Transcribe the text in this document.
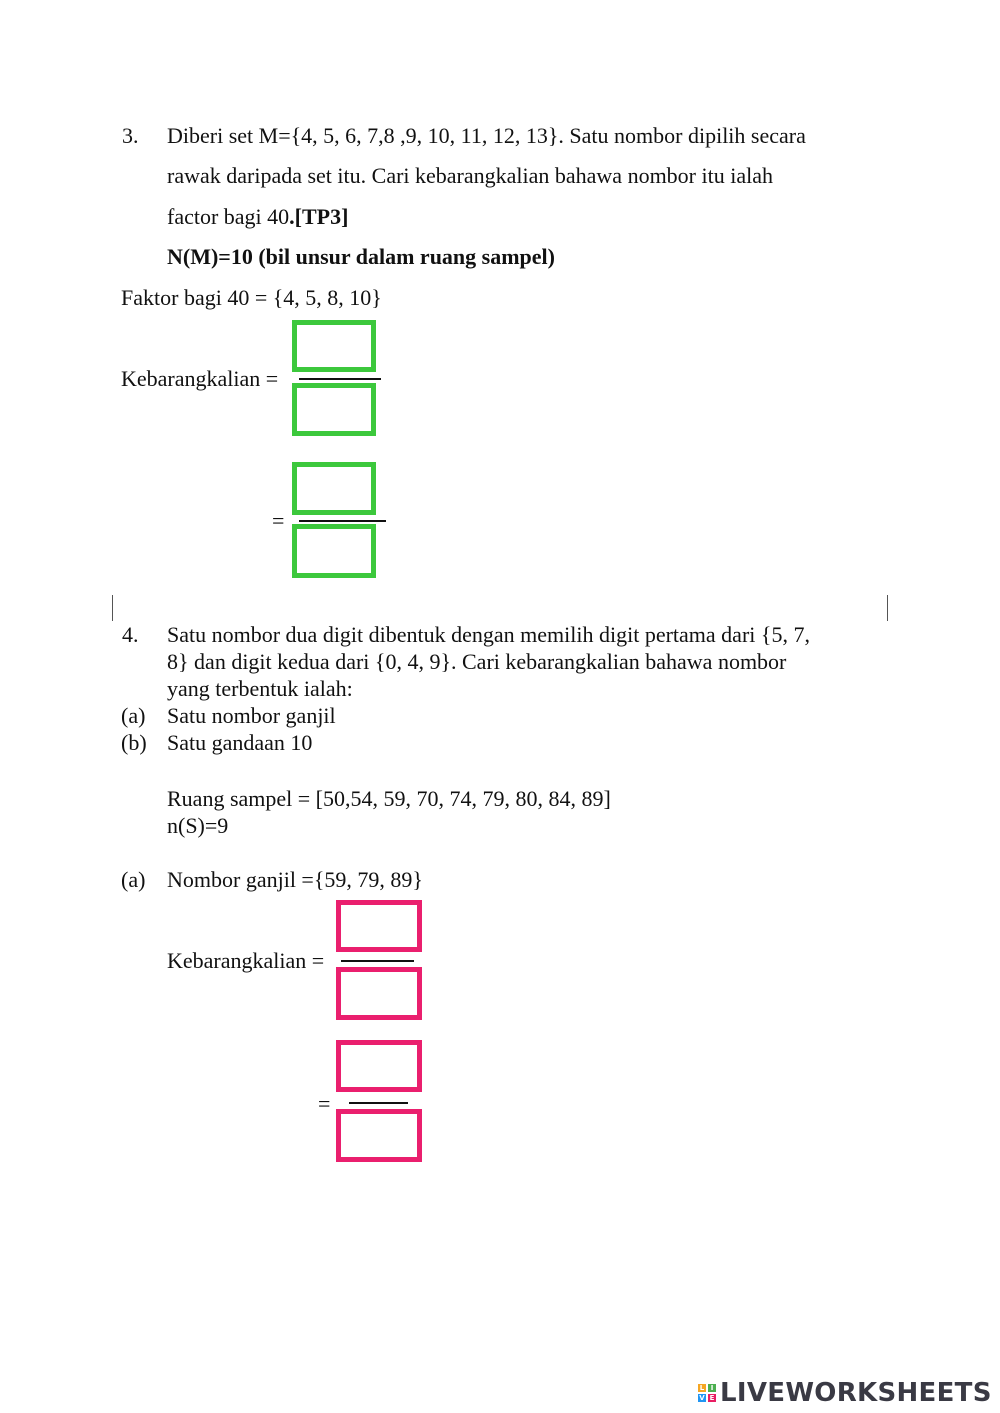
3. Diberi set M={4, 5, 6, 7,8 ,9, 10, 11, 12, 13}. Satu nombor dipilih secara
rawak daripada set itu. Cari kebarangkalian bahawa nombor itu ialah
factor bagi 40.[TP3]
N(M)=10 (bil unsur dalam ruang sampel)
Faktor bagi 40 = {4, 5, 8, 10}
Kebarangkalian =
=
4. Satu nombor dua digit dibentuk dengan memilih digit pertama dari {5, 7,
8} dan digit kedua dari {0, 4, 9}. Cari kebarangkalian bahawa nombor
yang terbentuk ialah:
(a) Satu nombor ganjil
(b) Satu gandaan 10
Ruang sampel = [50,54, 59, 70, 74, 79, 80, 84, 89]
n(S)=9
(a) Nombor ganjil ={59, 79, 89}
Kebarangkalian =
=
L I
V E LIVEWORKSHEETS
